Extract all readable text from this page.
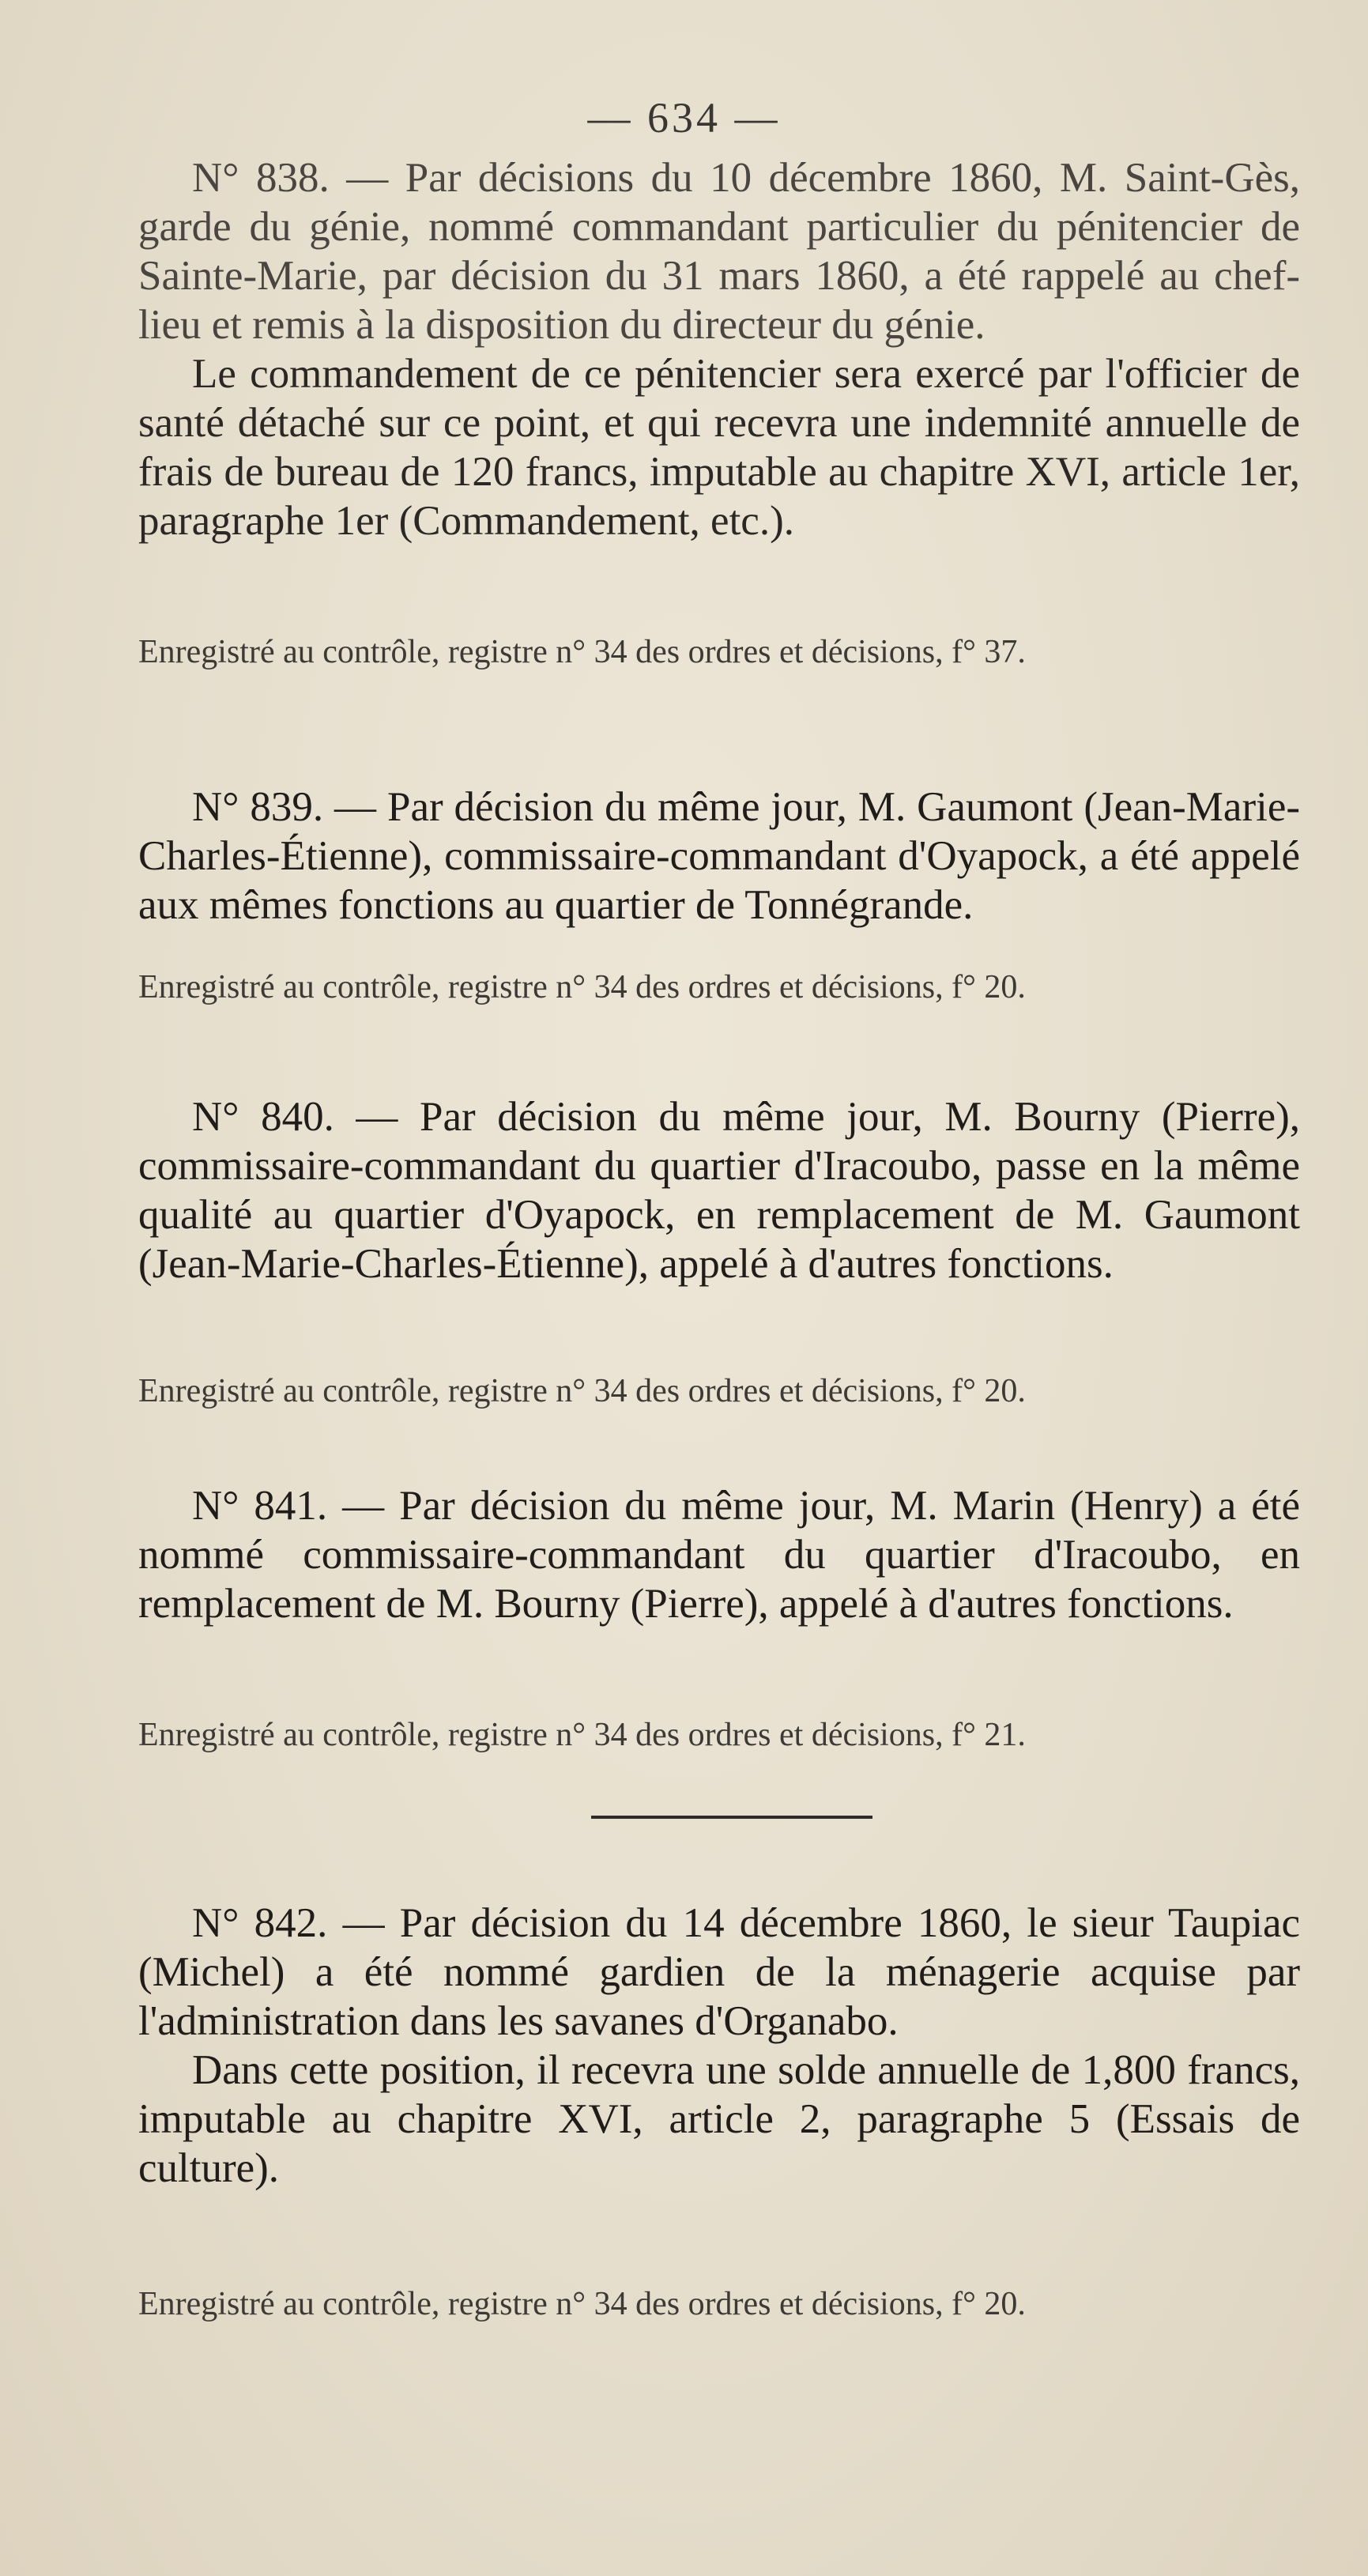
— 634 —

N° 838. — Par décisions du 10 décembre 1860, M. Saint-Gès, garde du génie, nommé commandant particulier du pénitencier de Sainte-Marie, par décision du 31 mars 1860, a été rappelé au chef-lieu et remis à la disposition du directeur du génie.

Le commandement de ce pénitencier sera exercé par l'officier de santé détaché sur ce point, et qui recevra une indemnité annuelle de frais de bureau de 120 francs, imputable au chapitre XVI, article 1er, paragraphe 1er (Commandement, etc.).

Enregistré au contrôle, registre n° 34 des ordres et décisions, f° 37.

N° 839. — Par décision du même jour, M. Gaumont (Jean-Marie-Charles-Étienne), commissaire-commandant d'Oyapock, a été appelé aux mêmes fonctions au quartier de Tonnégrande.

Enregistré au contrôle, registre n° 34 des ordres et décisions, f° 20.

N° 840. — Par décision du même jour, M. Bourny (Pierre), commissaire-commandant du quartier d'Iracoubo, passe en la même qualité au quartier d'Oyapock, en remplacement de M. Gaumont (Jean-Marie-Charles-Étienne), appelé à d'autres fonctions.

Enregistré au contrôle, registre n° 34 des ordres et décisions, f° 20.

N° 841. — Par décision du même jour, M. Marin (Henry) a été nommé commissaire-commandant du quartier d'Iracoubo, en remplacement de M. Bourny (Pierre), appelé à d'autres fonctions.

Enregistré au contrôle, registre n° 34 des ordres et décisions, f° 21.

N° 842. — Par décision du 14 décembre 1860, le sieur Taupiac (Michel) a été nommé gardien de la ménagerie acquise par l'administration dans les savanes d'Organabo.

Dans cette position, il recevra une solde annuelle de 1,800 francs, imputable au chapitre XVI, article 2, paragraphe 5 (Essais de culture).

Enregistré au contrôle, registre n° 34 des ordres et décisions, f° 20.
